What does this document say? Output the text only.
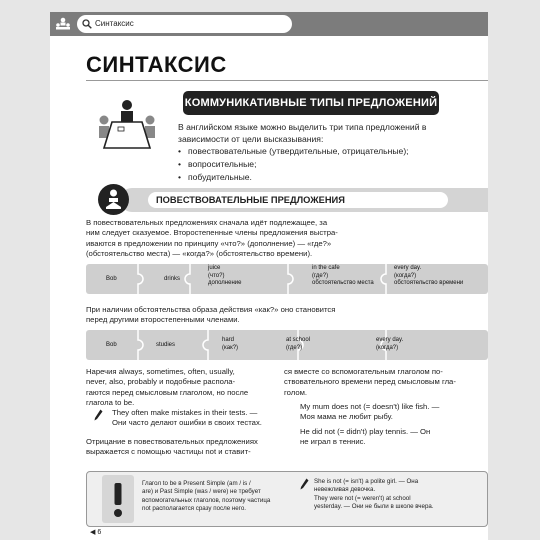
Синтаксис
СИНТАКСИС
КОММУНИКАТИВНЫЕ ТИПЫ ПРЕДЛОЖЕНИЙ
В английском языке можно выделить три типа предложений в зависимости от цели высказывания:
• повествовательные (утвердительные, отрицательные);
• вопросительные;
• побудительные.
ПОВЕСТВОВАТЕЛЬНЫЕ ПРЕДЛОЖЕНИЯ
В повествовательных предложениях сначала идёт подлежащее, за
ним следует сказуемое. Второстепенные члены предложения выстра-
иваются в предложении по принципу «что?» (дополнение) — «где?»
(обстоятельство места) — «когда?» (обстоятельство времени).
Bob	drinks
juice
(что?)
дополнение
in the cafe
(где?)
обстоятельство места
every day.
(когда?)
обстоятельство времени
При наличии обстоятельства образа действия «как?» оно становится
перед другими второстепенными членами.
Bob	studies
hard
(как?)
at school
(где?)
every day.
(когда?)
Наречия always, sometimes, often, usually,
never, also, probably и подобные распола-
гаются перед смысловым глаголом, но после
глагола to be.
They often make mistakes in their tests. —
Они часто делают ошибки в своих тестах.
Отрицание в повествовательных предложениях
выражается с помощью частицы not и ставит-
ся вместе со вспомогательным глаголом по-
ствовательного времени перед смысловым гла-
голом.
My mum does not (= doesn't) like fish. —
Моя мама не любит рыбу.
He did not (= didn't) play tennis. — Он
не играл в теннис.
Глагол to be в Present Simple (am / is /
are) и Past Simple (was / were) не требует
вспомогательных глаголов, поэтому частица
not располагается сразу после него.
She is not (= isn't) a polite girl. — Она
невежливая девочка.
They were not (= weren't) at school
yesterday. — Они не были в школе вчера.
◀ 6
